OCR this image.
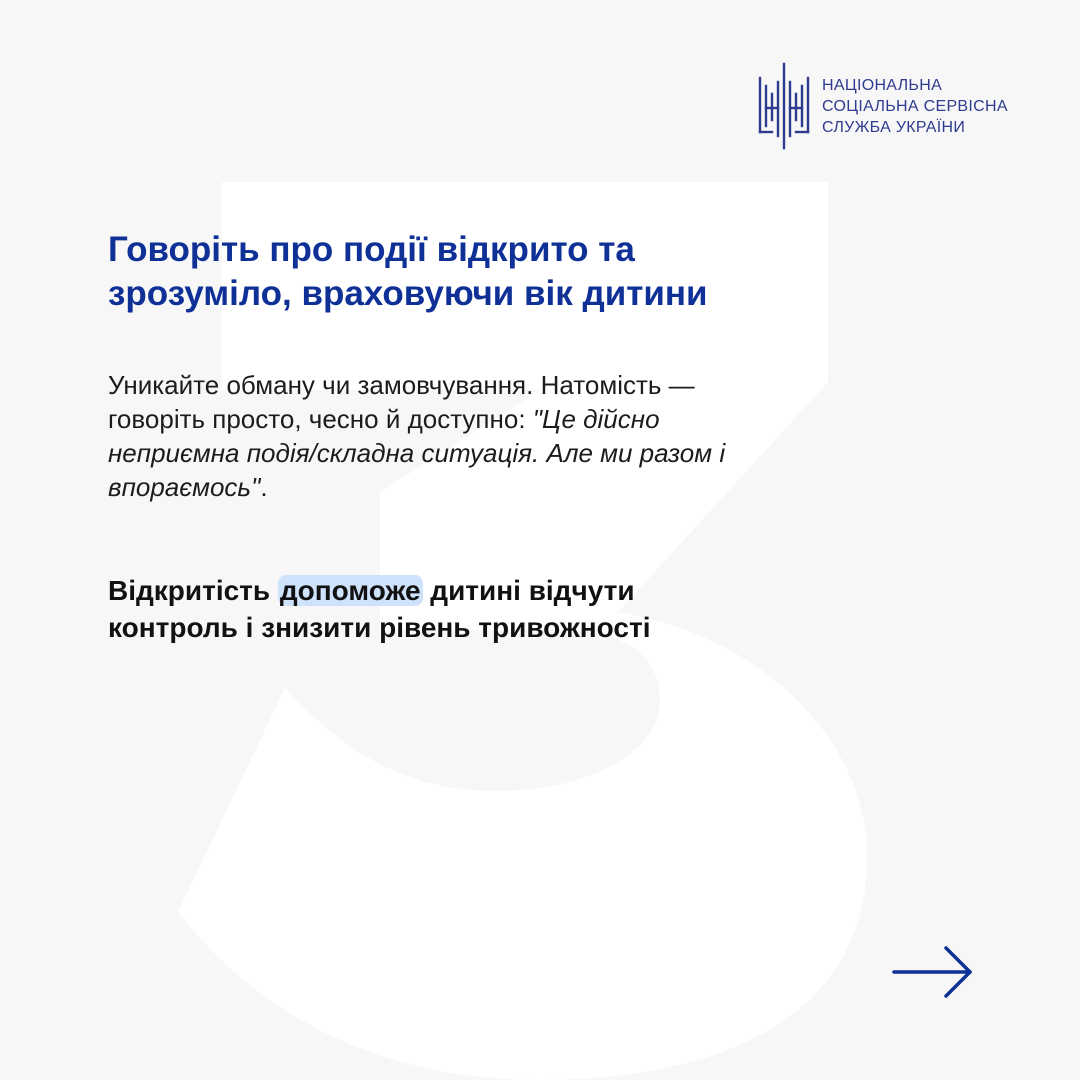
НАЦІОНАЛЬНА
СОЦІАЛЬНА СЕРВІСНА
СЛУЖБА УКРАЇНИ
Говоріть про події відкрито та
зрозуміло, враховуючи вік дитини

Уникайте обману чи замовчування. Натомість —
говоріть просто, чесно й доступно: "Це дійсно
неприємна подія/складна ситуація. Але ми разом і
впораємось".

Відкритість допоможе дитині відчути
контроль і знизити рівень тривожності
